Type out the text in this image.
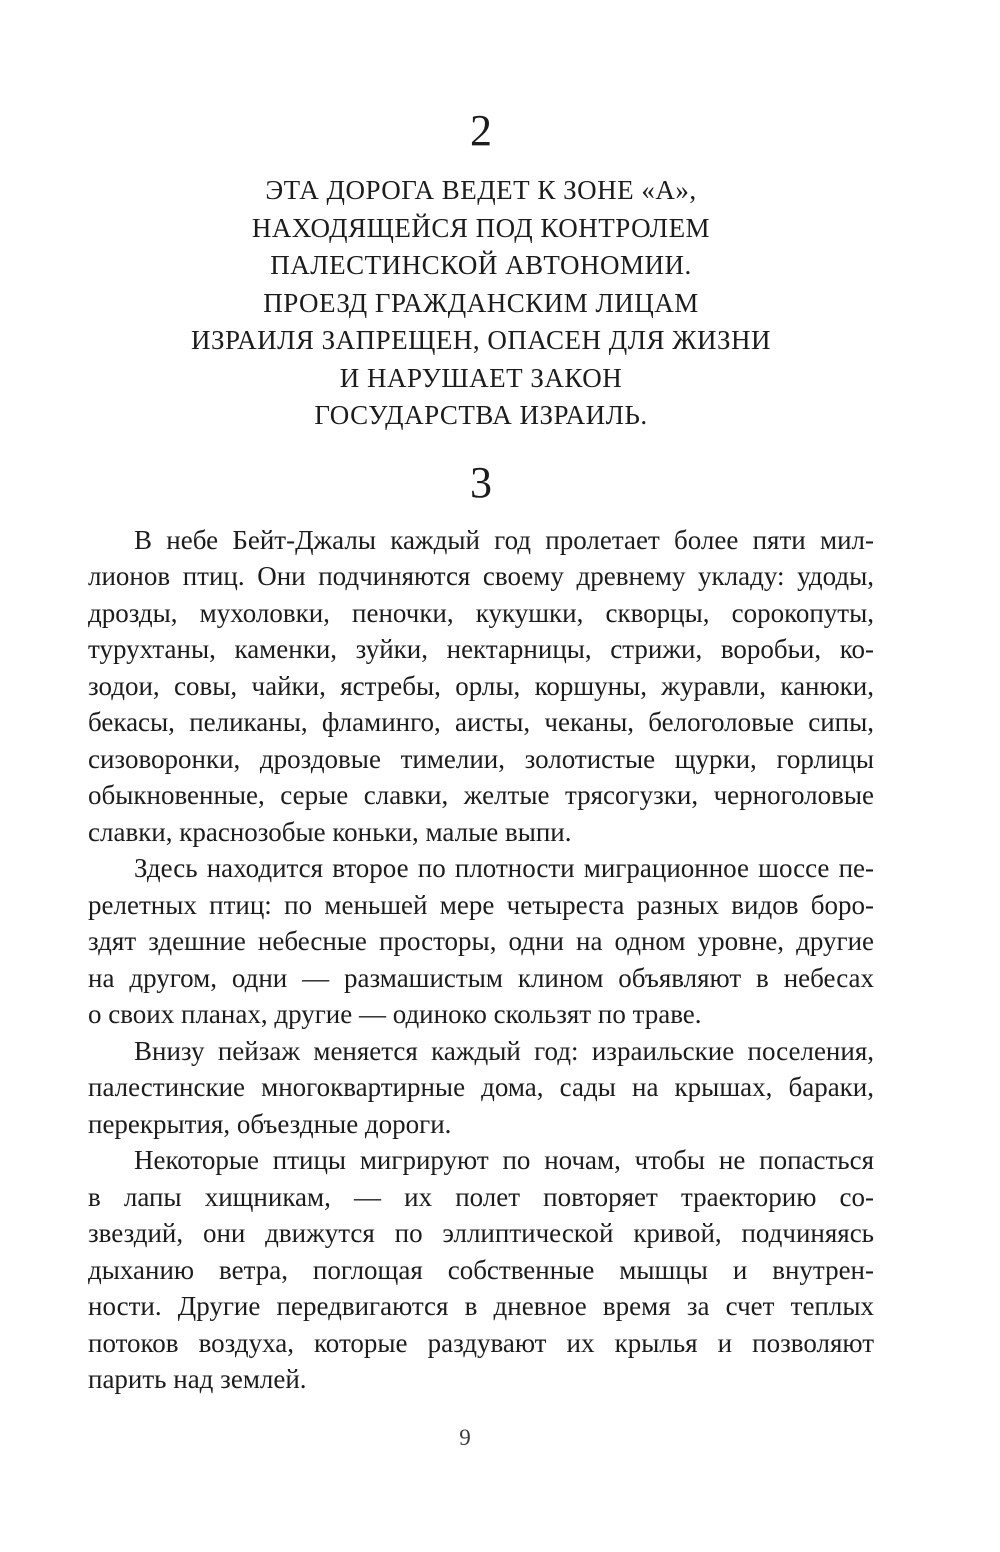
2
ЭТА ДОРОГА ВЕДЕТ К ЗОНЕ «А»,
НАХОДЯЩЕЙСЯ ПОД КОНТРОЛЕМ
ПАЛЕСТИНСКОЙ АВТОНОМИИ.
ПРОЕЗД ГРАЖДАНСКИМ ЛИЦАМ
ИЗРАИЛЯ ЗАПРЕЩЕН, ОПАСЕН ДЛЯ ЖИЗНИ
И НАРУШАЕТ ЗАКОН
ГОСУДАРСТВА ИЗРАИЛЬ.
3
В небе Бейт-Джалы каждый год пролетает более пяти мил-
лионов птиц. Они подчиняются своему древнему укладу: удоды,
дрозды, мухоловки, пеночки, кукушки, скворцы, сорокопуты,
турухтаны, каменки, зуйки, нектарницы, стрижи, воробьи, ко-
зодои, совы, чайки, ястребы, орлы, коршуны, журавли, канюки,
бекасы, пеликаны, фламинго, аисты, чеканы, белоголовые сипы,
сизоворонки, дроздовые тимелии, золотистые щурки, горлицы
обыкновенные, серые славки, желтые трясогузки, черноголовые
славки, краснозобые коньки, малые выпи.
Здесь находится второе по плотности миграционное шоссе пе-
релетных птиц: по меньшей мере четыреста разных видов боро-
здят здешние небесные просторы, одни на одном уровне, другие
на другом, одни — размашистым клином объявляют в небесах
о своих планах, другие — одиноко скользят по траве.
Внизу пейзаж меняется каждый год: израильские поселения,
палестинские многоквартирные дома, сады на крышах, бараки,
перекрытия, объездные дороги.
Некоторые птицы мигрируют по ночам, чтобы не попасться
в лапы хищникам, — их полет повторяет траекторию со-
звездий, они движутся по эллиптической кривой, подчиняясь
дыханию ветра, поглощая собственные мышцы и внутрен-
ности. Другие передвигаются в дневное время за счет теплых
потоков воздуха, которые раздувают их крылья и позволяют
парить над землей.
9
